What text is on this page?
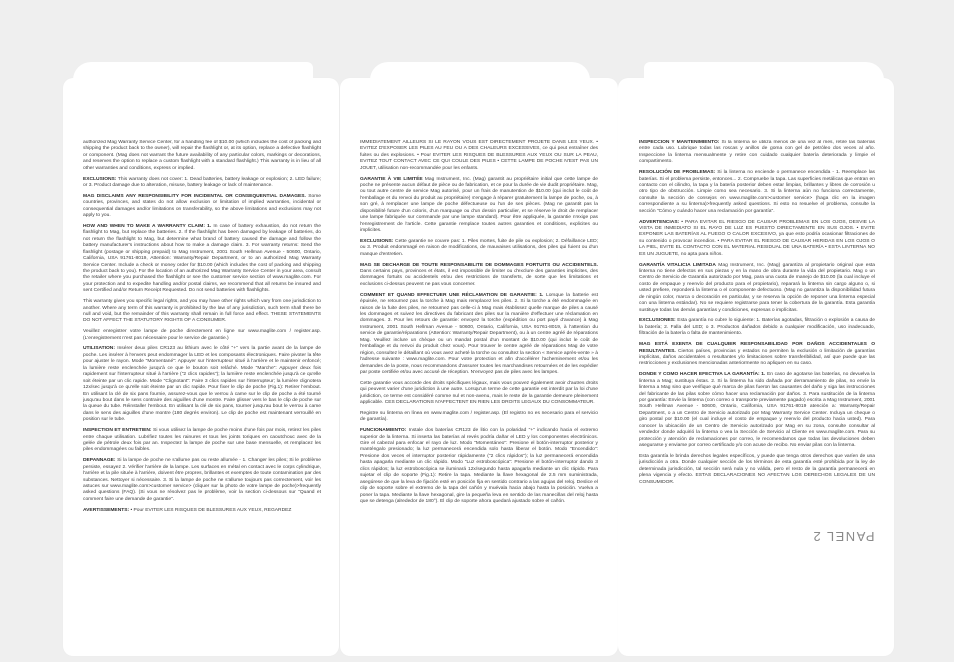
authorized Mag Warranty Service Center, for a handling fee of $10.00 (which includes the cost of packing and shipping the product back to the owner), will repair the flashlight or, at its option, replace a defective flashlight or component. (Mag does not warrant the future availability of any particular colors, markings or decorations, and reserves the option to replace a custom flashlight with a standard flashlight.) This warranty is in lieu of all other warranties and conditions, express or implied.

EXCLUSIONS: This warranty does not cover: 1. Dead batteries, battery leakage or explosion; 2. LED failure; or 3. Product damage due to alteration, misuse, battery leakage or lack of maintenance.

MAG DISCLAIMS ANY RESPONSIBILITY FOR INCIDENTAL OR CONSEQUENTIAL DAMAGES. Some countries, provinces, and states do not allow exclusion or limitation of implied warranties, incidental or consequential damages and/or limitations on transferability, so the above limitations and exclusions may not apply to you.

HOW AND WHEN TO MAKE A WARRANTY CLAIM: 1. In case of battery exhaustion, do not return the flashlight to Mag, but replace the batteries. 2. If the flashlight has been damaged by leakage of batteries, do not return the flashlight to Mag, but determine what brand of battery caused the damage and follow the battery manufacturer's instructions about how to make a damage claim. 3. For warranty returns: Send the flashlight (postage or shipping prepaid) to Mag Instrument, 2001 South Hellman Avenue - 50600, Ontario, California, USA 91761-8019, Attention: Warranty/Repair Department, or to an authorized Mag Warranty Service Center. Include a check or money order for $10.00 (which includes the cost of packing and shipping the product back to you). For the location of an authorized Mag Warranty Service Center in your area, consult the retailer where you purchased the flashlight or see the customer service section of www.maglite.com. For your protection and to expedite handling and/or postal claims, we recommend that all returns be insured and sent Certified and/or Return Receipt Requested. Do not send batteries with flashlights.

This warranty gives you specific legal rights, and you may have other rights which vary from one jurisdiction to another. Where any term of this warranty is prohibited by the law of any jurisdiction, such term shall there be null and void, but the remainder of this warranty shall remain in full force and effect. THESE STATEMENTS DO NOT AFFECT THE STATUTORY RIGHTS OF A CONSUMER.

Veuillez enregistrer votre lampe de poche directement en ligne sur www.maglite.com / register.asp. (L'enregistrement n'est pas nécessaire pour le service de garantie.)

UTILISATION: Insérer deux piles CR123 au lithium avec le côté "+" vers la partie avant de la lampe de poche. Les insérer à l'envers peut endommager la LED et les composants électroniques. Faire pivoter la tête pour ajuster le rayon. Mode "Momentané": Appuyer sur l'interrupteur situé à l'arrière et le maintenir enfoncé; la lumière reste enclenchée jusqu'à ce que le bouton soit relâché. Mode "Marche": Appuyer deux fois rapidement sur l'interrupteur situé à l'arrière ("2 clics rapides"); la lumière reste enclenchée jusqu'à ce qu'elle soit éteinte par un clic rapide. Mode "Clignotant": Faire 3 clics rapides sur l'interrupteur; la lumière clignotera 12x/sec jusqu'à ce qu'elle soit éteinte par un clic rapide. Pour fixer le clip de poche (Fig.1): Retirer l'embout. En utilisant la clé de six pans fournie, assurez-vous que le verrou à came sur le clip de poche a été tourné jusqu'au bout dans le sens contraire des aiguilles d'une montre. Faire glisser vers le bas le clip de poche sur la queue du tube. Réinstaller l'embout. En utilisant la clé de six pans, tourner jusqu'au bout le verrou à came dans le sens des aiguilles d'une montre (180 degrés environ). Le clip de poche est maintenant verrouillé en position sur le tube.

INSPECTION ET ENTRETIEN: Si vous utilisez la lampe de poche moins d'une fois par mois, retirez les piles entre chaque utilisation. Lubrifiez toutes les rainures et tous les joints toriques en caoutchouc avec de la gelée de pétrole deux fois par an. Inspectez la lampe de poche sur une base mensuelle, et remplacez les piles endommagées ou faibles.

DEPANNAGE: Si la lampe de poche ne s'allume pas ou reste allumée - 1. Changer les piles; Si le problème persiste, essayez 2. Vérifier l'arrière de la lampe. Les surfaces en métal en contact avec le corps cylindrique, l'arrière et la pile située à l'arrière, doivent être propres, brillantes et exemptes de toute contamination par des substances. Nettoyer si nécessaire. 3. Si la lampe de poche ne s'allume toujours pas correctement, voir les astuces sur www.maglite.com>customer service> (cliquer sur la photo de votre lampe de poche)>frequently asked questions (FAQ). (Si vous ne résolvez pas le problème, voir la section ci-dessous sur "Quand et comment faire une demande de garantie".

AVERTISSEMENTS: • Pour EVITER LES RISQUES DE BLESSURES AUX YEUX, REGARDEZ

IMMEDIATEMENT AILLEURS SI LE RAYON VOUS EST DIRECTEMENT PROJETE DANS LES YEUX. • EVITEZ D'EXPOSER LES PILES AU FEU OU A DES CHALEURS EXCESSIVES, ce qui peut entraîner des fuites ou des explosions. • Pour EVITER LES RISQUES DE BLESSURES AUX YEUX OU SUR LA PEAU, EVITEZ TOUT CONTACT AVEC CE QUI COULE DES PILES • CETTE LAMPE DE POCHE N'EST PAS UN JOUET, utilisation non-recommandée pour les enfants.

GARANTIE À VIE LIMITÉE Mag Instrument, Inc. (Mag) garantit au propriétaire initial que cette lampe de poche ne présente aucun défaut de pièce ou de fabrication, et ce pour la durée de vie dudit propriétaire. Mag, ou tout autre centre de service Mag autorisé, pour un frais de manutention de $10.00 (qui inclut le coût de l'emballage et du renvoi du produit au propriétaire) s'engage à réparer gratuitement la lampe de poche, ou, à son gré, à remplacer une lampe de poche défectueuse ou l'un de ses pièces. (Mag ne garantit pas la disponibilité future d'un coloris, d'un marquage ou d'un dessin particulier, et se réserve le droit de remplacer une lampe fabriquée sur commande par une lampe standard). Pour être appliquée, la garantie n'exige pas l'enregistrement de l'article. Cette garantie remplace toutes autres garanties et conditions, explicites ou implicites.

EXCLUSIONS: Cette garantie ne couvre pas: 1. Piles mortes, fuite de pile ou explosion; 2. Défaillance LED; ou 3. Produit endommagé en raison de modifications, de mauvaises utilisations, des piles qui fuient ou d'un manque d'entretien.

MAG SE DECHARGE DE TOUTE RESPONSABILITE DE DOMMAGES FORTUITS OU ACCIDENTELS. Dans certains pays, provinces et états, il est impossible de limiter ou d'exclure des garanties implicites, des dommages fortuits ou accidentels et/ou des restrictions de transferts, de sorte que les limitations et exclusions ci-dessus peuvent ne pas vous concerner.

COMMENT ET QUAND EFFECTUER UNE RÉCLAMATION DE GARANTIE: 1. Lorsque la batterie est épuisée, ne retournez pas la torche à Mag mais remplacez les piles. 2. Si la torche a été endommagée en raison de la fuite des piles, ne retournez pas celle-ci à Mag mais établissez quelle marque de piles a causé les dommages et suivez les directives du fabricant des piles sur la manière d'effectuer une réclamation en dommages. 3. Pour les retours de garantie: envoyez la torche (expédition ou port payé d'avance) à Mag Instrument, 2001 South Hellman Avenue - 50600, Ontario, California, USA 91761-8019, à l'attention du service de garantie/réparations (Attention: Warranty/Repair Department), ou à un centre agréé de réparations Mag. Veuillez inclure un chèque ou un mandat postal d'un montant de $10.00 (qui inclut le coût de l'emballage et du renvoi du produit chez vous). Pour trouver le centre agréé de réparations Mag de votre région, consultez le détaillant où vous avez acheté la torche ou consultez la section « Service après-vente » à l'adresse suivante : www.maglite.com. Pour votre protection et afin d'accélérer l'acheminement et/ou les demandes de la poste, nous recommandons d'assurer toutes les marchandises retournées et de les expédier par poste certifiée et/ou avec accusé de réception. N'envoyez pas de piles avec les lampes.

Cette garantie vous accorde des droits spécifiques légaux, mais vous pouvez également avoir d'autres droits qui peuvent varier d'une juridiction à une autre. Lorsqu'un terme de cette garantie est interdit par la loi d'une juridiction, ce terme est considéré comme nul et non-avenu, mais le reste de la garantie demeure pleinement applicable. CES DECLARATIONS N'AFFECTENT EN RIEN LES DROITS LEGAUX DU CONSOMMATEUR.

Registre su linterna en línea en www.maglite.com / register.asp. (El registro no es necesario para el servicio de garantía).

FUNCIONAMIENTO: Instale dos baterías CR123 de litio con la polaridad "+" indicando hacia el extremo superior de la linterna. Si inserta las baterías al revés podría dañar el LED y los componentes electrónicos. Gire el cabezal para enfocar el rayo de luz. Modo "Momentáneo": Presione el botón-interruptor posterior y manténgalo presionado; la luz permanecerá encendida solo hasta liberar el botón. Modo "Encendido": Presione dos veces el interruptor posterior rápidamente ("2 clics rápidos"); la luz permanecerá encendida hasta apagarla mediante un clic rápido. Modo "Luz estroboscópica": Presione el botón-interruptor dando 3 clics rápidos; la luz estroboscópica se iluminará 12x/segundo hasta apagarla mediante un clic rápido. Para sujetar el clip de soporte (Fig.1): Retire la tapa. Mediante la llave hexagonal de 2.5 mm suministrada, asegúrese de que la leva de fijación esté en posición fija en sentido contrario a las agujas del reloj. Deslice el clip de soporte sobre el extremo de la tapa del cañón y muévala hacia abajo hasta la posición. Vuelva a poner la tapa. Mediante la llave hexagonal, gire la pequeña leva en sentido de las manecillas del reloj hasta que se detenga (alrededor de 180°). El clip de soporte ahora quedará ajustado sobre el cañón.

INSPECCIÓN Y MANTENIMIENTO: Si la linterna se utiliza menos de una vez al mes, retire las baterías entre cada uso. Lubrique todas las roscas y anillos de goma con gel de petróleo dos veces al año. Inspeccione la linterna mensualmente y retire con cuidado cualquier batería deteriorada y limpie el compartimento.

RESOLUCIÓN DE PROBLEMAS: Si la linterna no enciende o permanece encendida - 1. Reemplace las baterías. Si el problema persiste, entonces... 2. Compruebe la tapa. Las superficies metálicas que entran en contacto con el cilindro, la tapa y la batería posterior deben estar limpias, brillantes y libres de corrosión u otro tipo de obstrucción. Limpie como sea necesario. 3. Si la linterna aún no funciona correctamente, consulte la sección de consejos en www.maglite.com>customer service> (haga clic en la imagen correspondiente a su linterna)>frequently asked questions. Si esto no resuelve el problema, consulte la sección "Cómo y cuándo hacer una reclamación por garantía".

ADVERTENCIAS: • PARA EVITAR EL RIESGO DE CAUSAR PROBLEMAS EN LOS OJOS, DESVIE LA VISTA DE INMEDIATO SI EL RAYO DE LUZ ES PUESTO DIRECTAMENTE EN SUS OJOS. • EVITE EXPONER LAS BATERÍAS AL FUEGO O CALOR EXCESIVO, ya que esto podría ocasionar filtraciones de su contenido o provocar incendios. • PARA EVITAR EL RIESGO DE CAUSAR HERIDAS EN LOS OJOS O LA PIEL, EVITE EL CONTACTO CON EL MATERIAL RESIDUAL DE UNA BATERÍA • ESTA LINTERNA NO ES UN JUGUETE, no apta para niños.

GARANTÍA VITALICIA LIMITADA Mag Instrument, Inc. (Mag) garantiza al propietario original que esta linterna no tiene defectos en sus piezas y en la mano de obra durante la vida del propietario. Mag o un Centro de Servicio de Garantía autorizado por Mag, para una cuota de manejo de $10.00 (la cual incluye el costo de empaque y reenvío del producto para el propietario), reparará la linterna sin cargo alguno o, si usted prefiere, reponderá la linterna o el componente defectuoso. (Mag no garantiza la disponibilidad futura de ningún color, marca o decoración en particular, y se reserva la opción de reponer una linterna especial con una linterna estándar). No se requiere registrarse para tener la cobertura de la garantía. Esta garantía sustituye todas las demás garantías y condiciones, expresas o implícitas.

EXCLUSIONES: Esta garantía no cubre lo siguiente: 1. Baterías agotadas, filtración o explosión a causa de la batería; 2. Falla del LED; o 3. Productos dañados debido a cualquier modificación, uso inadecuado, filtración de la batería o falta de mantenimiento.

MAG ESTÁ EXENTA DE CUALQUIER RESPONSABILIDAD POR DAÑOS ACCIDENTALES O RESULTANTES. Ciertos países, provincias y estados no permiten la exclusión o limitación de garantías implícitas, daños accidentales o resultantes y/o limitaciones sobre transferibilidad, así que puede que las restricciones y exclusiones mencionadas anteriormente no apliquen en su caso.

DONDE Y COMO HACER EFECTIVA LA GARANTÍA: 1. En caso de agotarse las baterías, no devuelva la linterna a Mag; sustituya éstas. 2. Si la linterna ha sido dañada por derramamiento de pilas, no envíe la linterna a Mag sino que verifique qué marca de pilas fueron las causantes del daño y siga las instrucciones del fabricante de las pilas sobre cómo hacer una reclamación por daños. 3. Para sustitución de la linterna por garantía: Envíe la linterna (con correo o transporte previamente pagado) escrita a Mag Instrument, 2001 South Hellman Avenue - 50600, Ontario, California, USA 91761-8019 atención a: Warranty/Repair Department, o a un Centro de Servicio autorizado por Mag Warranty Service Center. Incluya un cheque o giro postal por $10.00 (el cual incluye el costo de empaque y reenvío del producto hacia usted). Para conocer la ubicación de un Centro de Servicio autorizado por Mag en su zona, consulte consultar al vendedor donde adquirió la linterna o vea la Sección de Servicio al Cliente en www.maglite.com. Para su protección y atención de reclamaciones por correo, le recomendamos que todas las devoluciones deben asegurarse y enviarse por correo certificado y/o con acuse de recibo. No enviar pilas con la linterna.

Esta garantía le brinda derechos legales específicos, y puede que tenga otros derechos que varíen de una jurisdicción a otra. Donde cualquier sección de los términos de esta garantía esté prohibida por la ley de determinada jurisdicción, tal sección será nula y no válida, pero el resto de la garantía permanecerá en plena vigencia y efecto. ESTAS DECLARACIONES NO AFECTAN LOS DERECHOS LEGALES DE UN CONSUMIDOR.

PANEL 2
